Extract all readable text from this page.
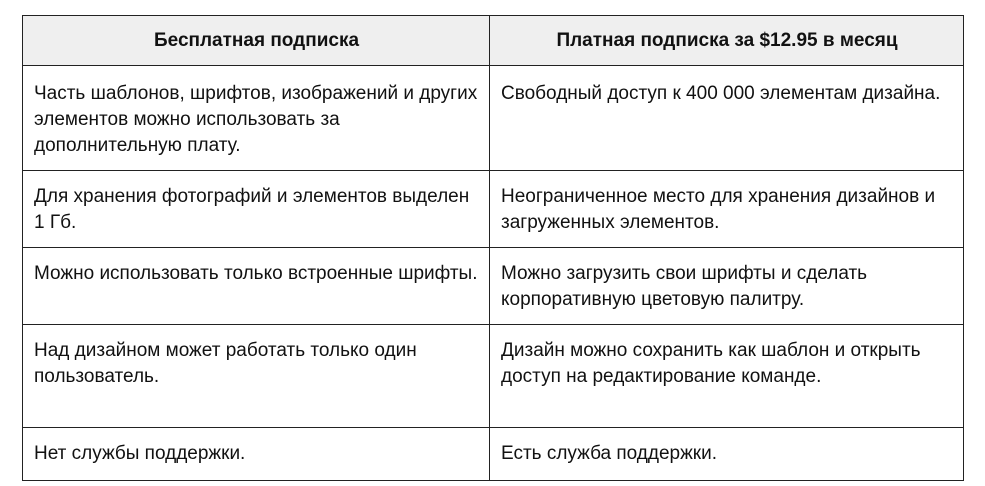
Бесплатная подписка	Платная подписка за $12.95 в месяц
Часть шаблонов, шрифтов, изображений и других элементов можно использовать за дополнительную плату.	Свободный доступ к 400 000 элементам дизайна.
Для хранения фотографий и элементов выделен 1 Гб.	Неограниченное место для хранения дизайнов и загруженных элементов.
Можно использовать только встроенные шрифты.	Можно загрузить свои шрифты и сделать корпоративную цветовую палитру.
Над дизайном может работать только один пользователь.	Дизайн можно сохранить как шаблон и открыть доступ на редактирование команде.
Нет службы поддержки.	Есть служба поддержки.
